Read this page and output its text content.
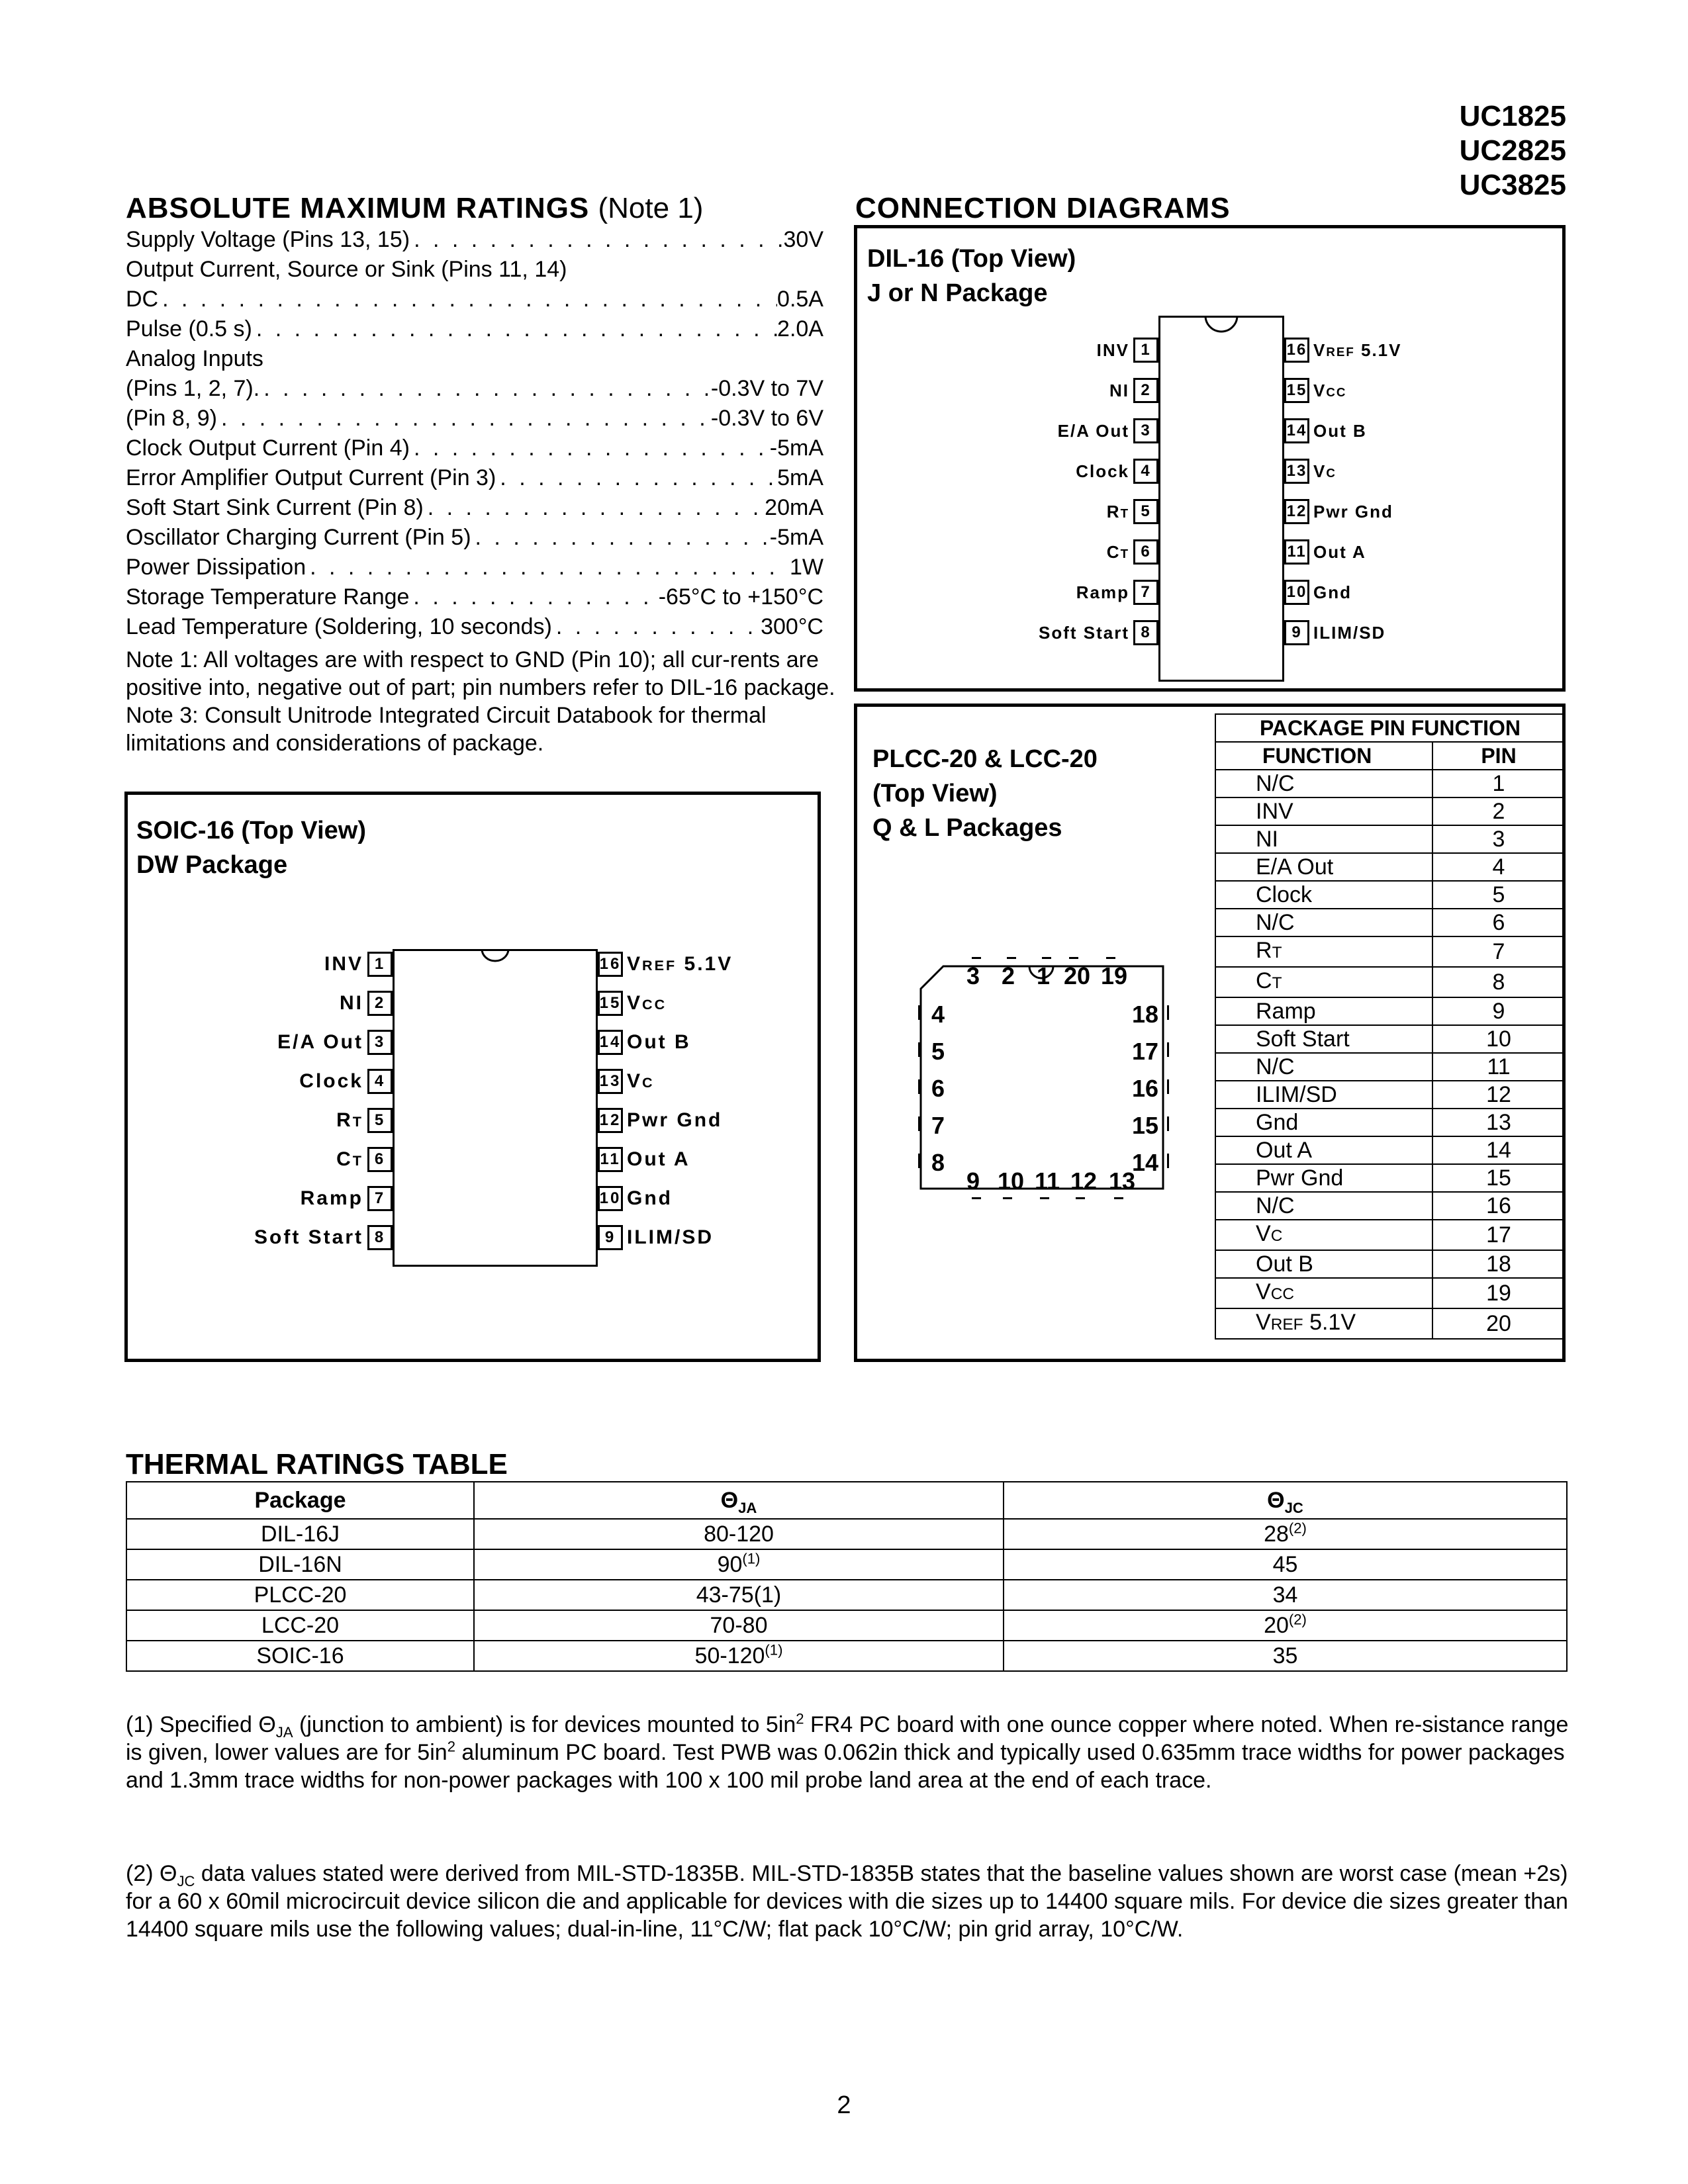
UC1825
UC2825
UC3825
ABSOLUTE MAXIMUM RATINGS (Note 1)
Supply Voltage (Pins 13, 15) . . .	30V
Output Current, Source or Sink (Pins 11, 14)
DC . . .	0.5A
Pulse (0.5 s) . . .	2.0A
Analog Inputs
(Pins 1, 2, 7). . . .	-0.3V to 7V
(Pin 8, 9) . . .	-0.3V to 6V
Clock Output Current (Pin 4) . . .	-5mA
Error Amplifier Output Current (Pin 3) . . .	5mA
Soft Start Sink Current (Pin 8) . . .	20mA
Oscillator Charging Current (Pin 5) . . .	-5mA
Power Dissipation . . .	1W
Storage Temperature Range . . .	-65°C to +150°C
Lead Temperature (Soldering, 10 seconds) . . .	300°C

Note 1: All voltages are with respect to GND (Pin 10); all cur-rents are positive into, negative out of part; pin numbers refer to DIL-16 package.

Note 3: Consult Unitrode Integrated Circuit Databook for thermal limitations and considerations of package.

CONNECTION DIAGRAMS
DIL-16 (Top View)
J or N Package
INV 1
NI 2
E/A Out 3
Clock 4
RT 5
CT 6
Ramp 7
Soft Start 8
16 VREF 5.1V
15 VCC
14 Out B
13 VC
12 Pwr Gnd
11 Out A
10 Gnd
9 ILIM/SD
SOIC-16 (Top View)
DW Package
INV 1
NI 2
E/A Out 3
Clock 4
RT 5
CT 6
Ramp 7
Soft Start 8
16 VREF 5.1V
15 VCC
14 Out B
13 VC
12 Pwr Gnd
11 Out A
10 Gnd
9 ILIM/SD
PLCC-20 & LCC-20
(Top View)
Q & L Packages
3 2 1 20 19
4	18
5	17
6	16
7	15
8	14
9 10 11 12 13
PACKAGE PIN FUNCTION	
FUNCTION	PIN
N/C	1
INV	2
NI	3
E/A Out	4
Clock	5
N/C	6
RT	7
CT	8
Ramp	9
Soft Start	10
N/C	11
ILIM/SD	12
Gnd	13
Out A	14
Pwr Gnd	15
N/C	16
VC	17
Out B	18
VCC	19
VREF 5.1V	20
THERMAL RATINGS TABLE
Package	$\Theta_{JA}$	$\Theta_{JC}$
DIL-16J	80-120	28$^{(2)}$
DIL-16N	90$^{(1)}$	45
PLCC-20	43-75(1)	34
LCC-20	70-80	20$^{(2)}$
SOIC-16	50-120$^{(1)}$	35

(1) Specified $\Theta_{JA}$ (junction to ambient) is for devices mounted to $5in^2$ FR4 PC board with one ounce copper where noted. When re-sistance range is given, lower values are for $5in^2$ aluminum PC board. Test PWB was 0.062in thick and typically used 0.635mm trace widths for power packages and 1.3mm trace widths for non-power packages with 100 x 100 mil probe land area at the end of each trace.

(2) $\Theta_{JC}$ data values stated were derived from MIL-STD-1835B. MIL-STD-1835B states that the baseline values shown are worst case (mean +2s) for a 60 x 60mil microcircuit device silicon die and applicable for devices with die sizes up to 14400 square mils. For device die sizes greater than 14400 square mils use the following values; dual-in-line, 11°C/W; flat pack 10°C/W; pin grid array, 10°C/W.

2
